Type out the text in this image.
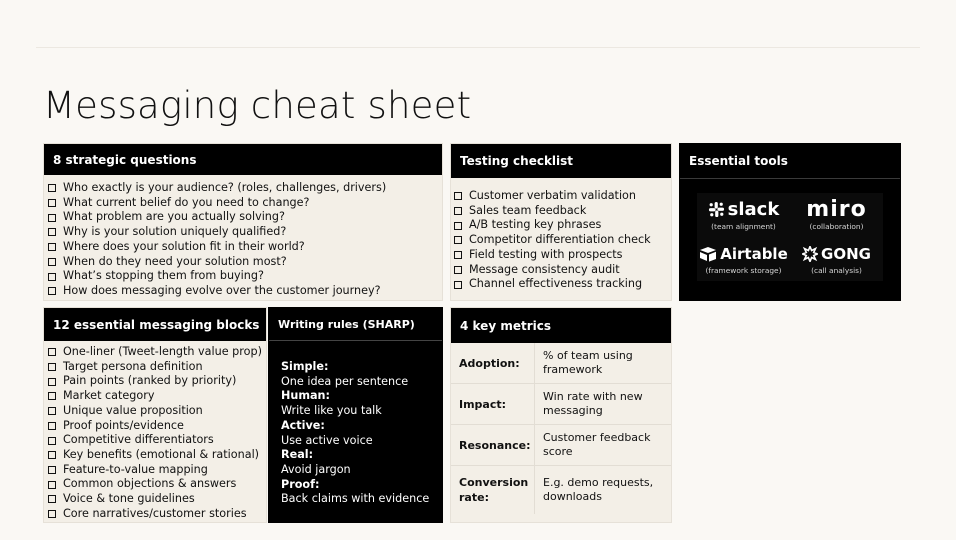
Messaging cheat sheet
8 strategic questions
Who exactly is your audience? (roles, challenges, drivers)
What current belief do you need to change?
What problem are you actually solving?
Why is your solution uniquely qualified?
Where does your solution fit in their world?
When do they need your solution most?
What’s stopping them from buying?
How does messaging evolve over the customer journey?
Testing checklist
Customer verbatim validation
Sales team feedback
A/B testing key phrases
Competitor differentiation check
Field testing with prospects
Message consistency audit
Channel effectiveness tracking
Essential tools
slack
(team alignment)
miro
(collaboration)
Airtable
(framework storage)
GONG
(call analysis)
12 essential messaging blocks
One-liner (Tweet-length value prop)
Target persona definition
Pain points (ranked by priority)
Market category
Unique value proposition
Proof points/evidence
Competitive differentiators
Key benefits (emotional & rational)
Feature-to-value mapping
Common objections & answers
Voice & tone guidelines
Core narratives/customer stories
Writing rules (SHARP)
Simple:
One idea per sentence
Human:
Write like you talk
Active:
Use active voice
Real:
Avoid jargon
Proof:
Back claims with evidence
4 key metrics
Adoption:
% of team using framework
Impact:
Win rate with new messaging
Resonance:
Customer feedback score
Conversion rate:
E.g. demo requests, downloads
